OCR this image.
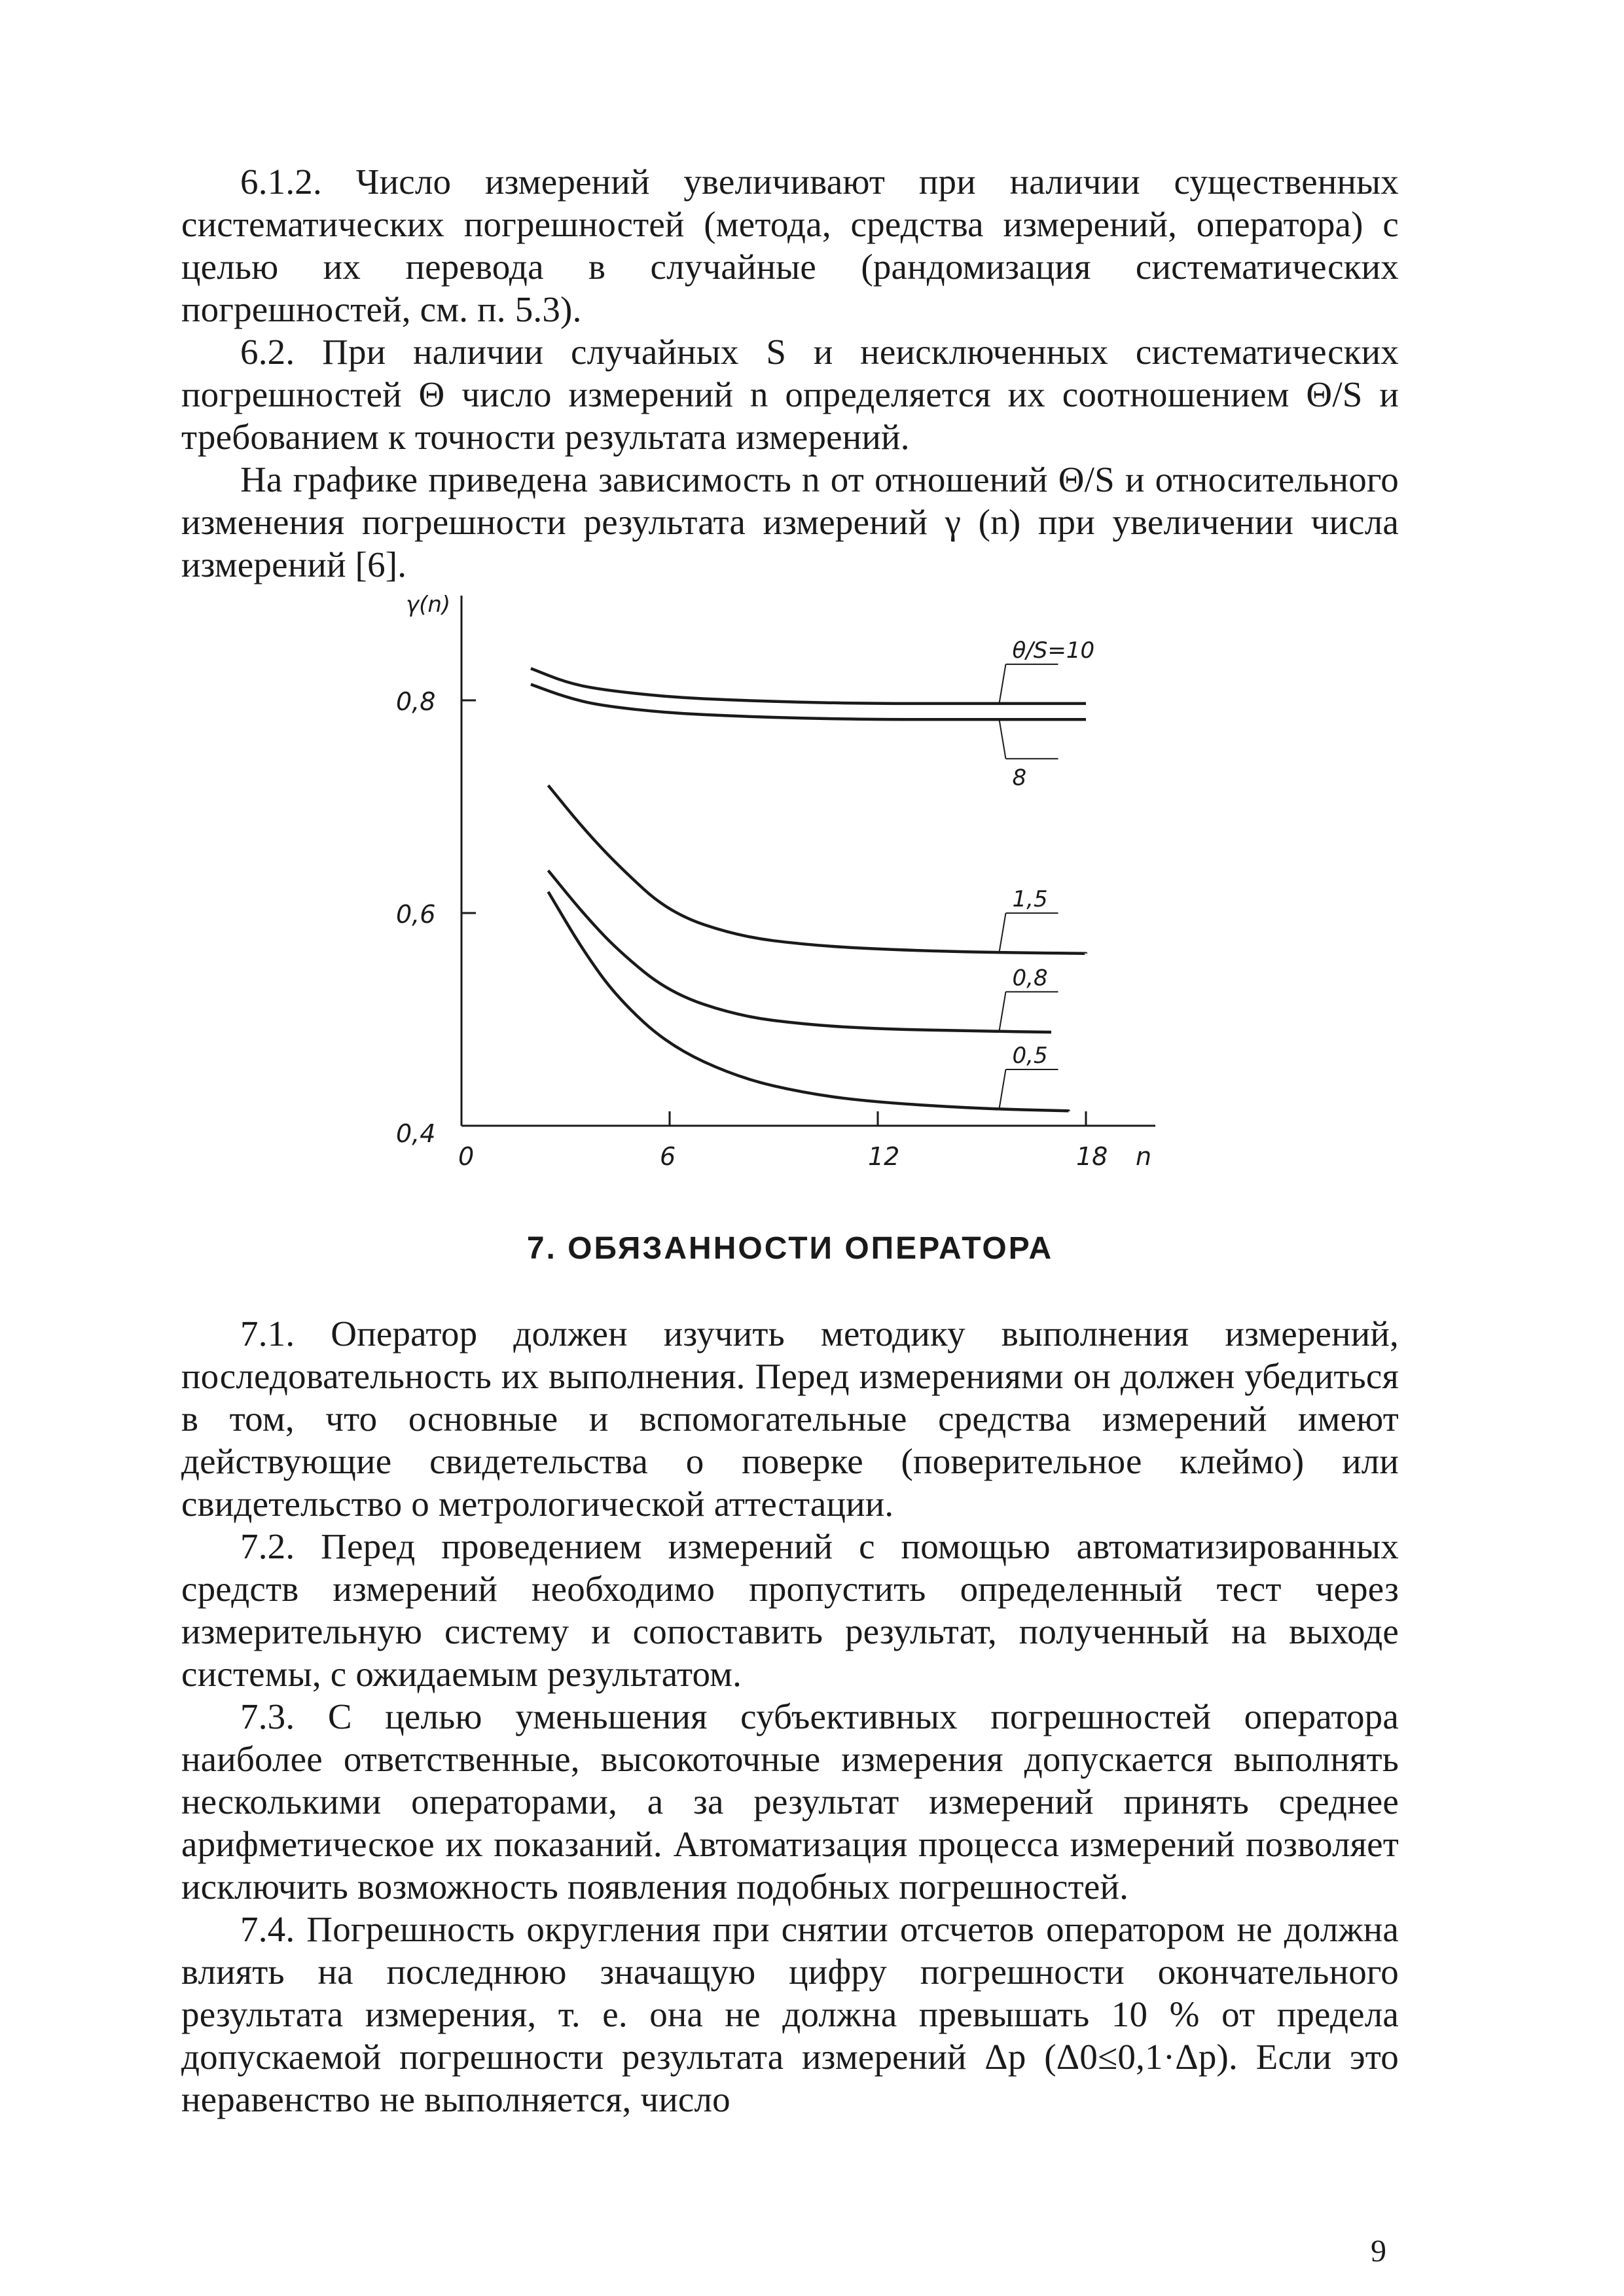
6.1.2. Число измерений увеличивают при наличии существенных систематических погрешностей (метода, средства измерений, оператора) с целью их перевода в случайные (рандомизация систематических погрешностей, см. п. 5.3).

6.2. При наличии случайных S и неисключенных систематических погрешностей Θ число измерений n определяется их соотношением Θ/S и требованием к точности результата измерений.

На графике приведена зависимость n от отношений Θ/S и относительного изменения погрешности результата измерений γ (n) при увеличении числа измерений [6].

γ(n)
n
0,4
0,6
0,8
0	6	12	18
θ/S=10
8
1,5
0,8
0,5
7. ОБЯЗАННОСТИ ОПЕРАТОРА

7.1. Оператор должен изучить методику выполнения измерений, последовательность их выполнения. Перед измерениями он должен убедиться в том, что основные и вспомогательные средства измерений имеют действующие свидетельства о поверке (поверительное клеймо) или свидетельство о метрологической аттестации.

7.2. Перед проведением измерений с помощью автоматизированных средств измерений необходимо пропустить определенный тест через измерительную систему и сопоставить результат, полученный на выходе системы, с ожидаемым результатом.

7.3. С целью уменьшения субъективных погрешностей оператора наиболее ответственные, высокоточные измерения допускается выполнять несколькими операторами, а за результат измерений принять среднее арифметическое их показаний. Автоматизация процесса измерений позволяет исключить возможность появления подобных погрешностей.

7.4. Погрешность округления при снятии отсчетов оператором не должна влиять на последнюю значащую цифру погрешности окончательного результата измерения, т. е. она не должна превышать 10 % от предела допускаемой погрешности результата измерений Δр (Δ0≤0,1·Δр). Если это неравенство не выполняется, число

9
